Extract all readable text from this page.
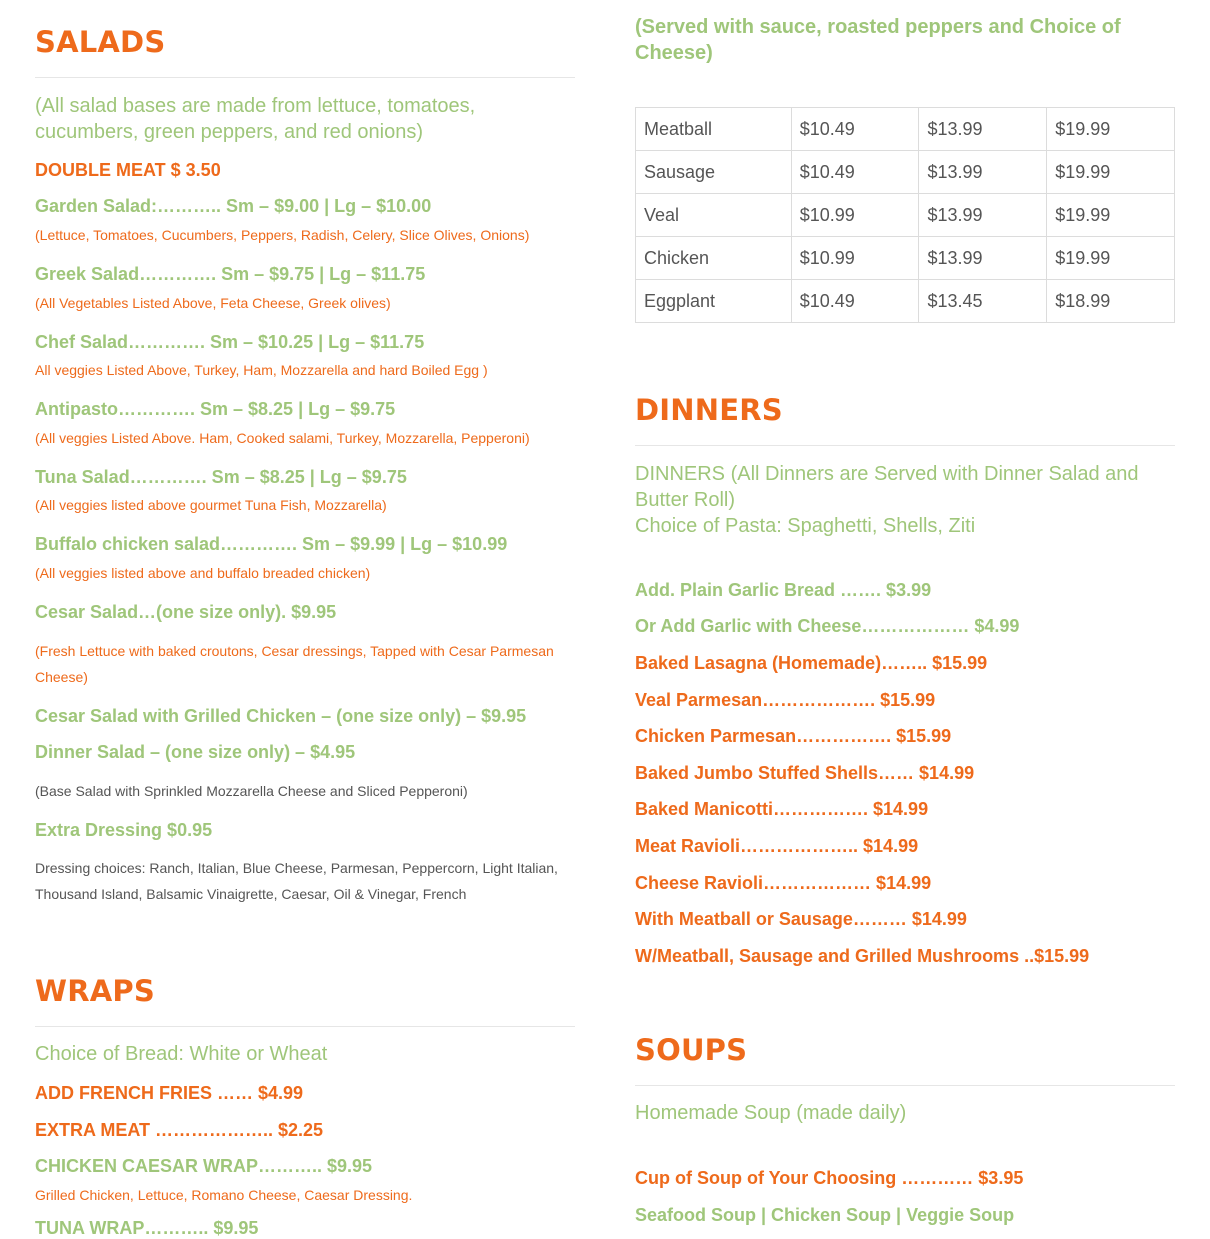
SALADS

(All salad bases are made from lettuce, tomatoes, cucumbers, green peppers, and red onions)

DOUBLE MEAT $ 3.50

Garden Salad:……….. Sm – $9.00 | Lg – $10.00

(Lettuce, Tomatoes, Cucumbers, Peppers, Radish, Celery, Slice Olives, Onions)

Greek Salad…………. Sm – $9.75 | Lg – $11.75

(All Vegetables Listed Above, Feta Cheese, Greek olives)

Chef Salad…………. Sm – $10.25 | Lg – $11.75

All veggies Listed Above, Turkey, Ham, Mozzarella and hard Boiled Egg )

Antipasto…………. Sm – $8.25 | Lg – $9.75

(All veggies Listed Above. Ham, Cooked salami, Turkey, Mozzarella, Pepperoni)

Tuna Salad…………. Sm – $8.25 | Lg – $9.75

(All veggies listed above gourmet Tuna Fish, Mozzarella)

Buffalo chicken salad…………. Sm – $9.99 | Lg – $10.99

(All veggies listed above and buffalo breaded chicken)

Cesar Salad…(one size only). $9.95

(Fresh Lettuce with baked croutons, Cesar dressings, Tapped with Cesar Parmesan Cheese)

Cesar Salad with Grilled Chicken – (one size only) – $9.95

Dinner Salad – (one size only) – $4.95

(Base Salad with Sprinkled Mozzarella Cheese and Sliced Pepperoni)

Extra Dressing $0.95

Dressing choices: Ranch, Italian, Blue Cheese, Parmesan, Peppercorn, Light Italian, Thousand Island, Balsamic Vinaigrette, Caesar, Oil & Vinegar, French

WRAPS

Choice of Bread: White or Wheat

ADD FRENCH FRIES …… $4.99

EXTRA MEAT ……………….. $2.25

CHICKEN CAESAR WRAP……….. $9.95

Grilled Chicken, Lettuce, Romano Cheese, Caesar Dressing.

TUNA WRAP……….. $9.95

(Served with sauce, roasted peppers and Choice of Cheese)

Meatball	$10.49	$13.99	$19.99
Sausage	$10.49	$13.99	$19.99
Veal	$10.99	$13.99	$19.99
Chicken	$10.99	$13.99	$19.99
Eggplant	$10.49	$13.45	$18.99
DINNERS

DINNERS (All Dinners are Served with Dinner Salad and Butter Roll)

Choice of Pasta: Spaghetti, Shells, Ziti

Add. Plain Garlic Bread ……. $3.99

Or Add Garlic with Cheese……………… $4.99

Baked Lasagna (Homemade)…….. $15.99

Veal Parmesan………………. $15.99

Chicken Parmesan……………. $15.99

Baked Jumbo Stuffed Shells…… $14.99

Baked Manicotti……………. $14.99

Meat Ravioli……………….. $14.99

Cheese Ravioli……………… $14.99

With Meatball or Sausage……… $14.99

W/Meatball, Sausage and Grilled Mushrooms ..$15.99

SOUPS

Homemade Soup (made daily)

Cup of Soup of Your Choosing ………… $3.95

Seafood Soup | Chicken Soup | Veggie Soup
